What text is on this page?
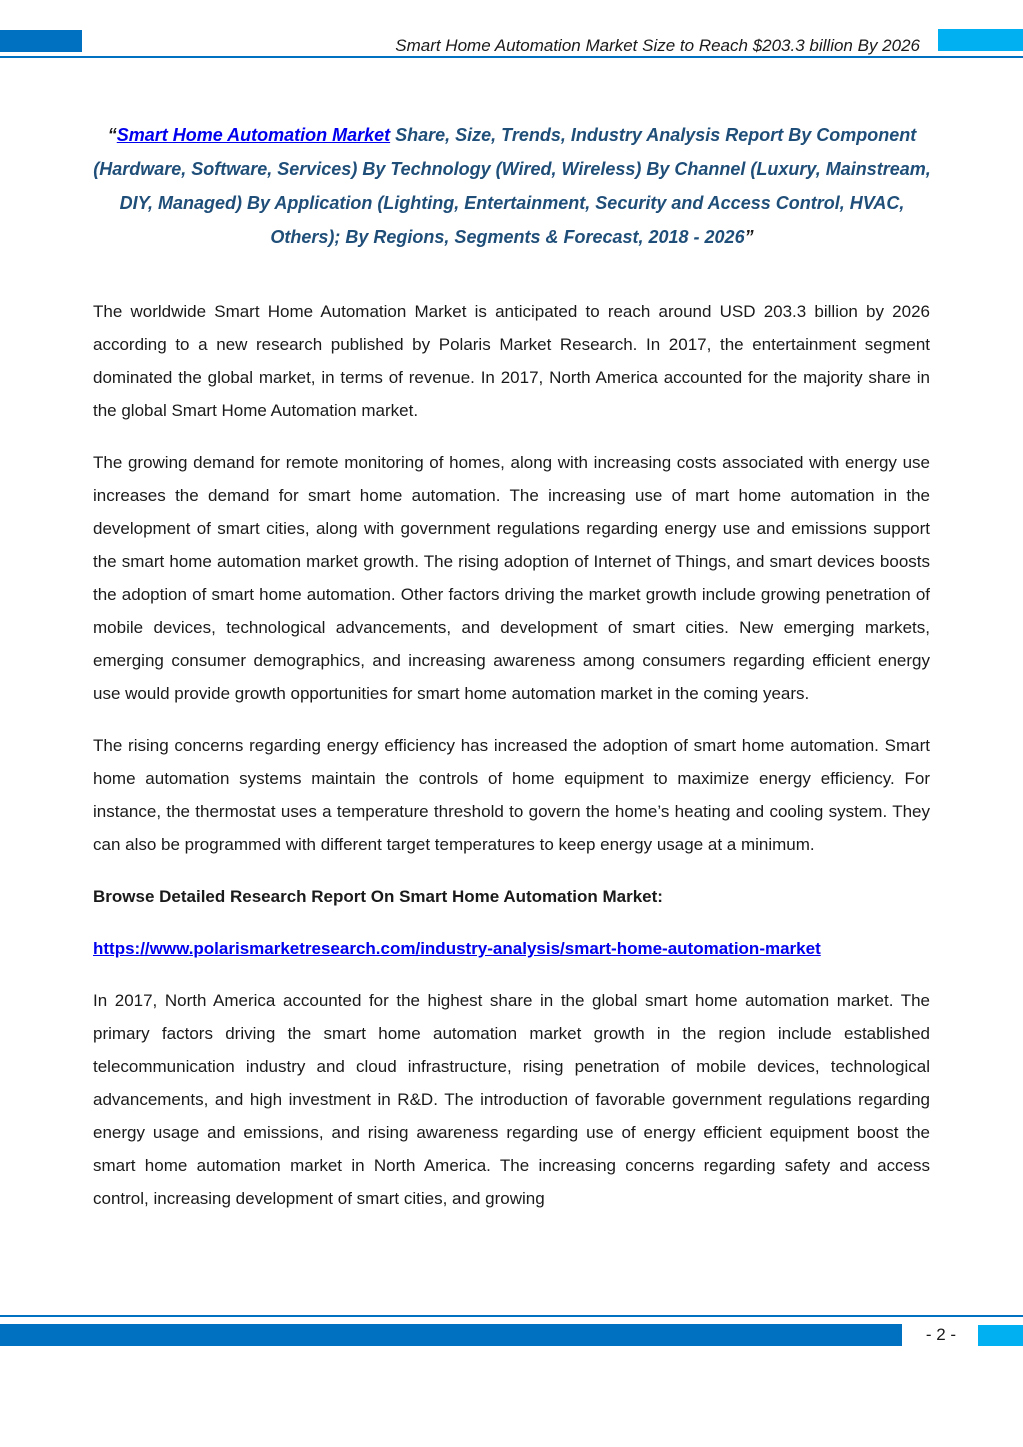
Smart Home Automation Market Size to Reach $203.3 billion By 2026
“Smart Home Automation Market Share, Size, Trends, Industry Analysis Report By Component (Hardware, Software, Services) By Technology (Wired, Wireless) By Channel (Luxury, Mainstream, DIY, Managed) By Application (Lighting, Entertainment, Security and Access Control, HVAC, Others); By Regions, Segments & Forecast, 2018 - 2026”

The worldwide Smart Home Automation Market is anticipated to reach around USD 203.3 billion by 2026 according to a new research published by Polaris Market Research. In 2017, the entertainment segment dominated the global market, in terms of revenue. In 2017, North America accounted for the majority share in the global Smart Home Automation market.

The growing demand for remote monitoring of homes, along with increasing costs associated with energy use increases the demand for smart home automation. The increasing use of mart home automation in the development of smart cities, along with government regulations regarding energy use and emissions support the smart home automation market growth. The rising adoption of Internet of Things, and smart devices boosts the adoption of smart home automation. Other factors driving the market growth include growing penetration of mobile devices, technological advancements, and development of smart cities. New emerging markets, emerging consumer demographics, and increasing awareness among consumers regarding efficient energy use would provide growth opportunities for smart home automation market in the coming years.

The rising concerns regarding energy efficiency has increased the adoption of smart home automation. Smart home automation systems maintain the controls of home equipment to maximize energy efficiency. For instance, the thermostat uses a temperature threshold to govern the home’s heating and cooling system. They can also be programmed with different target temperatures to keep energy usage at a minimum.

Browse Detailed Research Report On Smart Home Automation Market:

https://www.polarismarketresearch.com/industry-analysis/smart-home-automation-market

In 2017, North America accounted for the highest share in the global smart home automation market. The primary factors driving the smart home automation market growth in the region include established telecommunication industry and cloud infrastructure, rising penetration of mobile devices, technological advancements, and high investment in R&D. The introduction of favorable government regulations regarding energy usage and emissions, and rising awareness regarding use of energy efficient equipment boost the smart home automation market in North America. The increasing concerns regarding safety and access control, increasing development of smart cities, and growing

- 2 -
